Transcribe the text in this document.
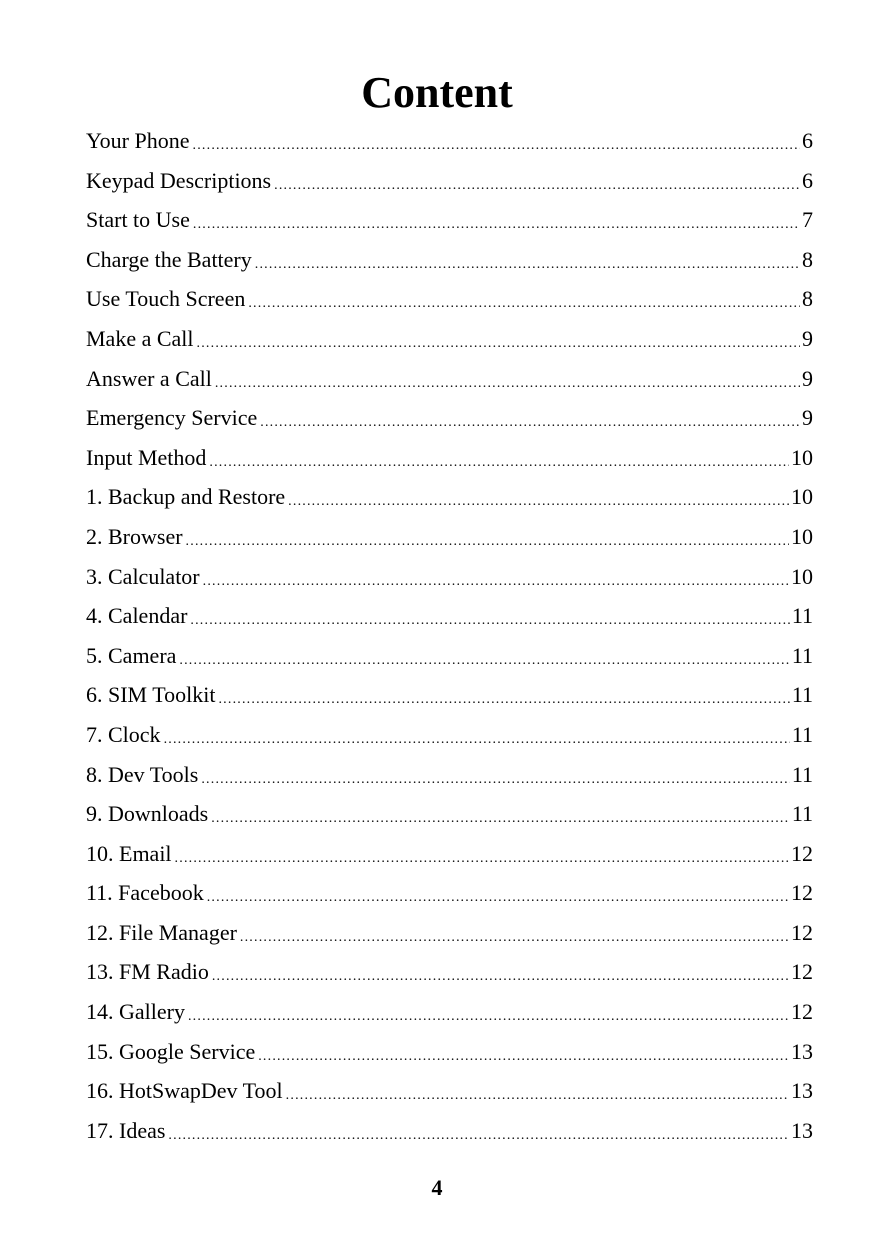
Content
Your Phone .....	6
Keypad Descriptions .....	6
Start to Use .....	7
Charge the Battery .....	8
Use Touch Screen .....	8
Make a Call .....	9
Answer a Call .....	9
Emergency Service .....	9
Input Method .....	10
1. Backup and Restore .....	10
2. Browser .....	10
3. Calculator .....	10
4. Calendar .....	11
5. Camera .....	11
6. SIM Toolkit .....	11
7. Clock .....	11
8. Dev Tools .....	11
9. Downloads .....	11
10. Email .....	12
11. Facebook .....	12
12. File Manager .....	12
13. FM Radio .....	12
14. Gallery .....	12
15. Google Service .....	13
16. HotSwapDev Tool .....	13
17. Ideas .....	13
4
